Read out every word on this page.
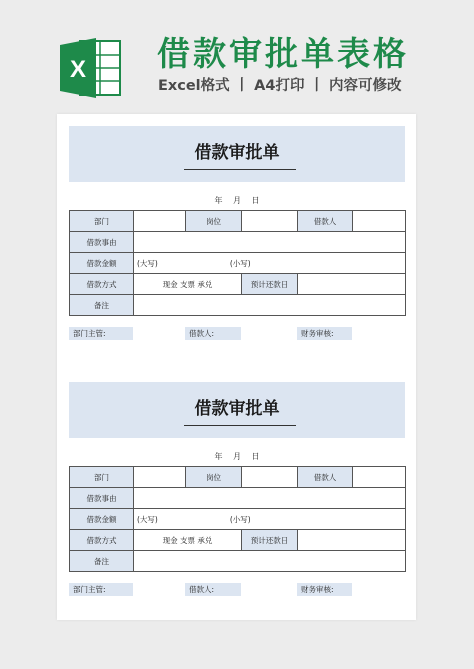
X 借款审批单表格
Excel格式 丨 A4打印 丨 内容可修改
借款审批单
年 月 日
部门		岗位		借款人	
借款事由					
借款金额	(大写) (小写)				
借款方式	现金 支票 承兑		预计还款日		
备注					
部门主管:	借款人:	财务审核:
借款审批单
年 月 日
部门		岗位		借款人	
借款事由					
借款金额	(大写) (小写)				
借款方式	现金 支票 承兑		预计还款日		
备注					
部门主管:	借款人:	财务审核:
